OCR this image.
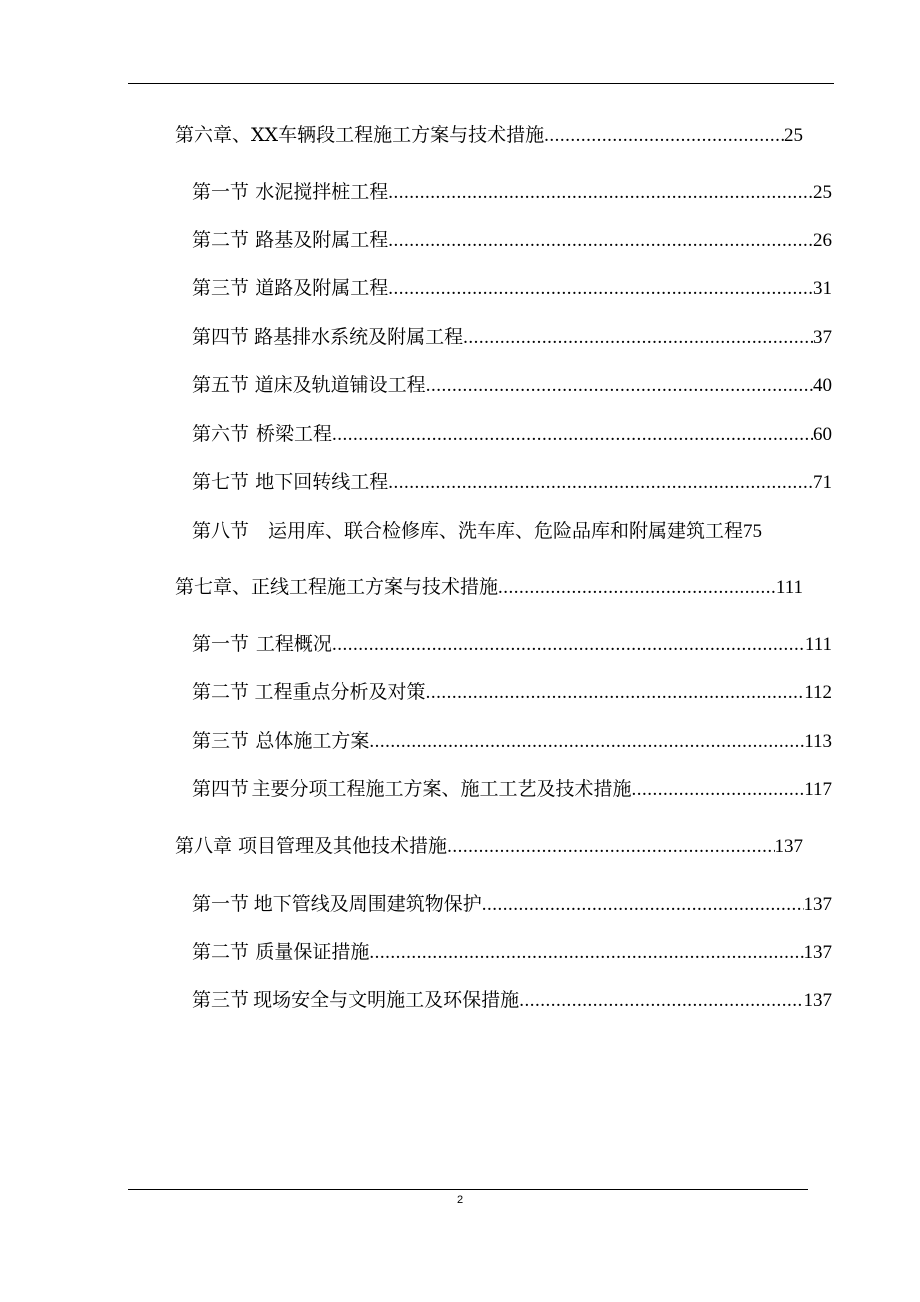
第六章、 XX车辆段工程施工方案与技术措施 .....	25
第一节 水泥搅拌桩工程 .....	25
第二节 路基及附属工程 .....	26
第三节 道路及附属工程 .....	31
第四节 路基排水系统及附属工程 .....	37
第五节 道床及轨道铺设工程 .....	40
第六节 桥梁工程 .....	60
第七节 地下回转线工程 .....	71
第八节 运用库、联合检修库、洗车库、危险品库和附属建筑工程 75
第七章、 正线工程施工方案与技术措施 .....	111
第一节 工程概况 .....	111
第二节 工程重点分析及对策 .....	112
第三节 总体施工方案 .....	113
第四节 主要分项工程施工方案、施工工艺及技术措施 .....	117
第八章 项目管理及其他技术措施 .....	137
第一节 地下管线及周围建筑物保护 .....	137
第二节 质量保证措施 .....	137
第三节 现场安全与文明施工及环保措施 .....	137
2
